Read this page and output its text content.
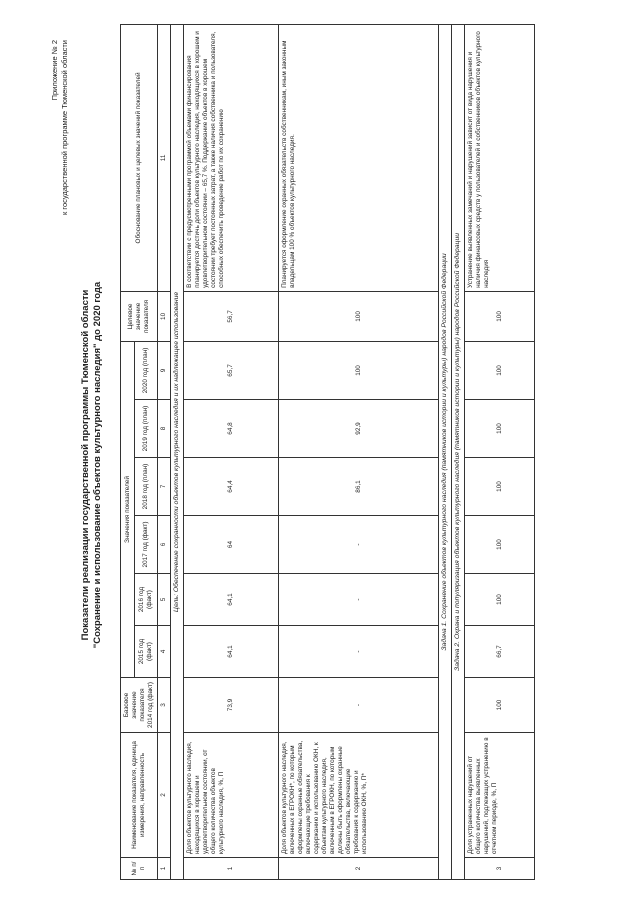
Приложение № 2 к государственной программе Тюменской области
Показатели реализации государственной программы Тюменской области "Сохранение и использование объектов культурного наследия" до 2020 года
№ п/п	Наименование показателя, единица измерения, направленность	Базовое значение показателя 2014 год (факт)	Значения показателей						Целевое значение показателя	Обоснование плановых и целевых значений показателей
			2015 год (факт)	2016 год (факт)	2017 год (факт)	2018 год (план)	2019 год (план)	2020 год (план)		
1	2	3	4	5	6	7	8	9	10	11
Цель: Обеспечение сохранности объектов культурного наследия и их надлежащее использование										
1	Доля объектов культурного наследия, находящихся в хорошем и удовлетворительном состоянии, от общего количества объектов культурного наследия, %, П	73,9	64,1	64,1	64	64,4	64,8	65,7	56,7	В соответствии с предусмотренными программой объемами финансирования планируется достичь доли объектов культурного наследия, находящихся в хорошем и удовлетворительном состоянии – 65,7 %. Поддержание объектов в хорошем состоянии требует постоянных затрат, а также наличия собственника и пользователя, способных обеспечить проведение работ по их сохранению
2	Доля объектов культурного наследия, включенных в ЕГРОКН*, по которым оформлены охранные обязательства, включающие требования к содержанию и использованию ОКН, к объектам культурного наследия, включенным в ЕГРОКН, по которым должны быть оформлены охранные обязательства, включающие требования к содержанию и использованию ОКН, %, П*	-	-	-	-	86,1	92,9	100	100	Планируется оформление охранных обязательств собственникам, иным законным владельцам 100 % объектов культурного наследия.
Задача 1. Сохранение объектов культурного наследия (памятников истории и культуры) народов Российской Федерации										
Задача 2. Охрана и популяризация объектов культурного наследия (памятников истории и культуры) народов Российской Федерации										
3	Доля устраненных нарушений от общего количества выявленных нарушений, подлежащих устранению в отчетном периоде, %, П	100	66,7	100	100	100	100	100	100	Устранение выявленных замечаний и нарушений зависит от вида нарушения и наличия финансовых средств у пользователей и собственников объектов культурного наследия
